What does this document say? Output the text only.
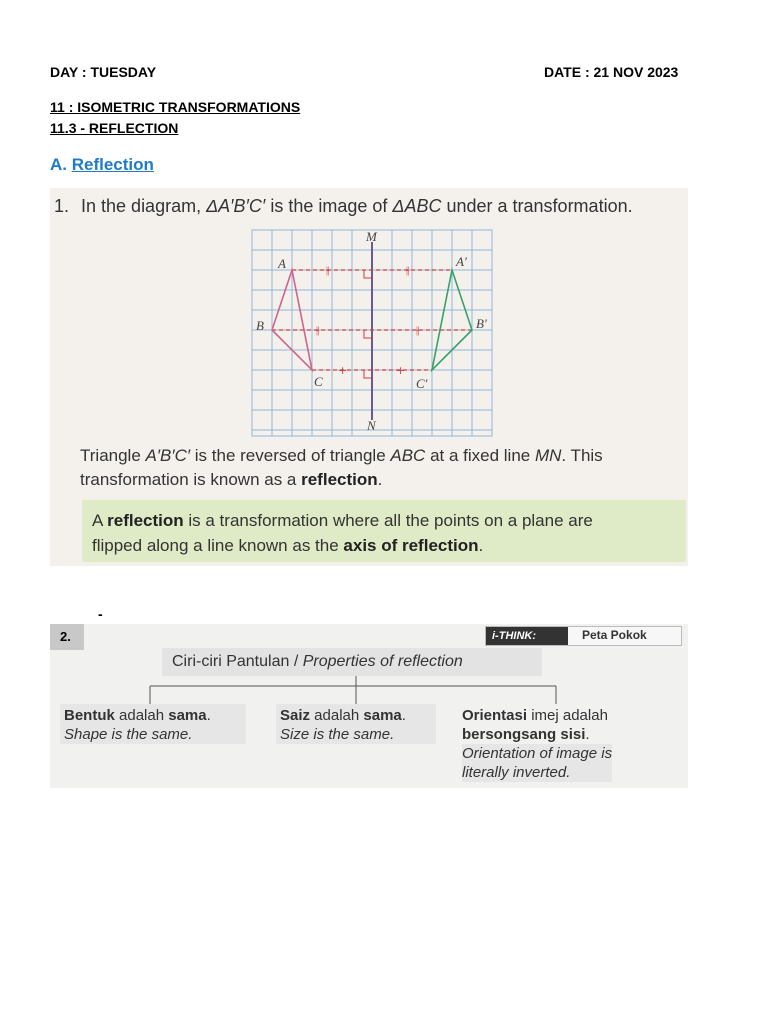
DAY : TUESDAY	DATE : 21 NOV 2023
11 : ISOMETRIC TRANSFORMATIONS
11.3 - REFLECTION
A. Reflection
1. In the diagram, ΔA′B′C′ is the image of ΔABC under a transformation.
M
N
A
B
C
A′
B′
C′
⫲	⫲
⫲	⫲
+	+
Triangle A′B′C′ is the reversed of triangle ABC at a fixed line MN. This
transformation is known as a reflection.
A reflection is a transformation where all the points on a plane are
flipped along a line known as the axis of reflection.
-
2.	i-THINK:	Peta Pokok
Ciri-ciri Pantulan / Properties of reflection
Bentuk adalah sama.
Shape is the same.
Saiz adalah sama.
Size is the same.
Orientasi imej adalah
bersongsang sisi.
Orientation of image is
literally inverted.
